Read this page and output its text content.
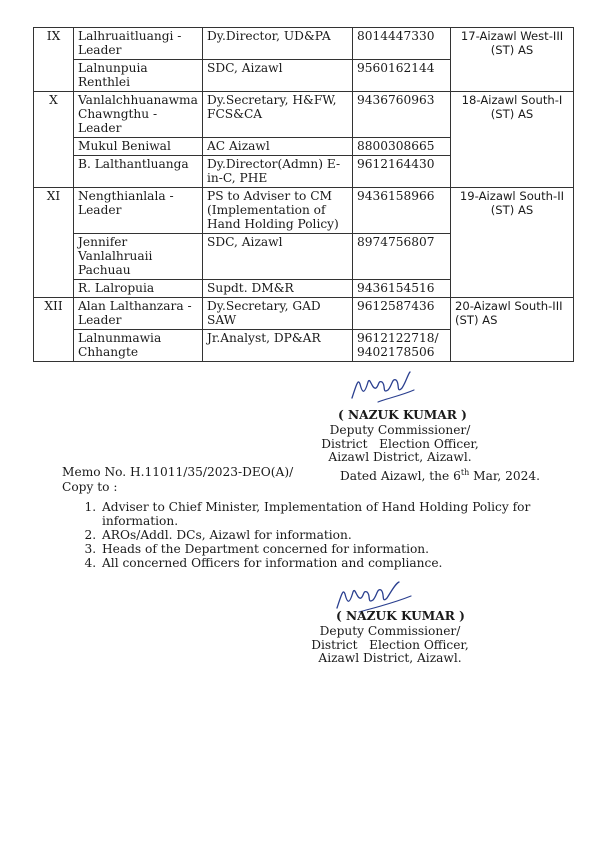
IX	Lalhruaitluangi - Leader	Dy.Director, UD&PA	8014447330	17-Aizawl West-III (ST) AS
	Lalnunpuia Renthlei	SDC, Aizawl	9560162144	
X	Vanlalchhuanawma Chawngthu - Leader	Dy.Secretary, H&FW, FCS&CA	9436760963	18-Aizawl South-I (ST) AS
	Mukul Beniwal	AC Aizawl	8800308665	
	B. Lalthantluanga	Dy.Director(Admn) E-in-C, PHE	9612164430	
XI	Nengthianlala - Leader	PS to Adviser to CM (Implementation of Hand Holding Policy)	9436158966	19-Aizawl South-II (ST) AS
	Jennifer Vanlalhruaii Pachuau	SDC, Aizawl	8974756807	
	R. Lalropuia	Supdt. DM&R	9436154516	
XII	Alan Lalthanzara - Leader	Dy.Secretary, GAD SAW	9612587436	20-Aizawl South-III (ST) AS
	Lalnunmawia Chhangte	Jr.Analyst, DP&AR	9612122718/ 9402178506	
( NAZUK KUMAR )
Deputy Commissioner/
District   Election Officer,
Aizawl District, Aizawl.
Memo No. H.11011/35/2023-DEO(A)/	Dated Aizawl, the 6th Mar, 2024.
Copy to :
1. Adviser to Chief Minister, Implementation of Hand Holding Policy for information.
2. AROs/Addl. DCs, Aizawl for information.
3. Heads of the Department concerned for information.
4. All concerned Officers for information and compliance.
( NAZUK KUMAR )
Deputy Commissioner/
District   Election Officer,
Aizawl District, Aizawl.
